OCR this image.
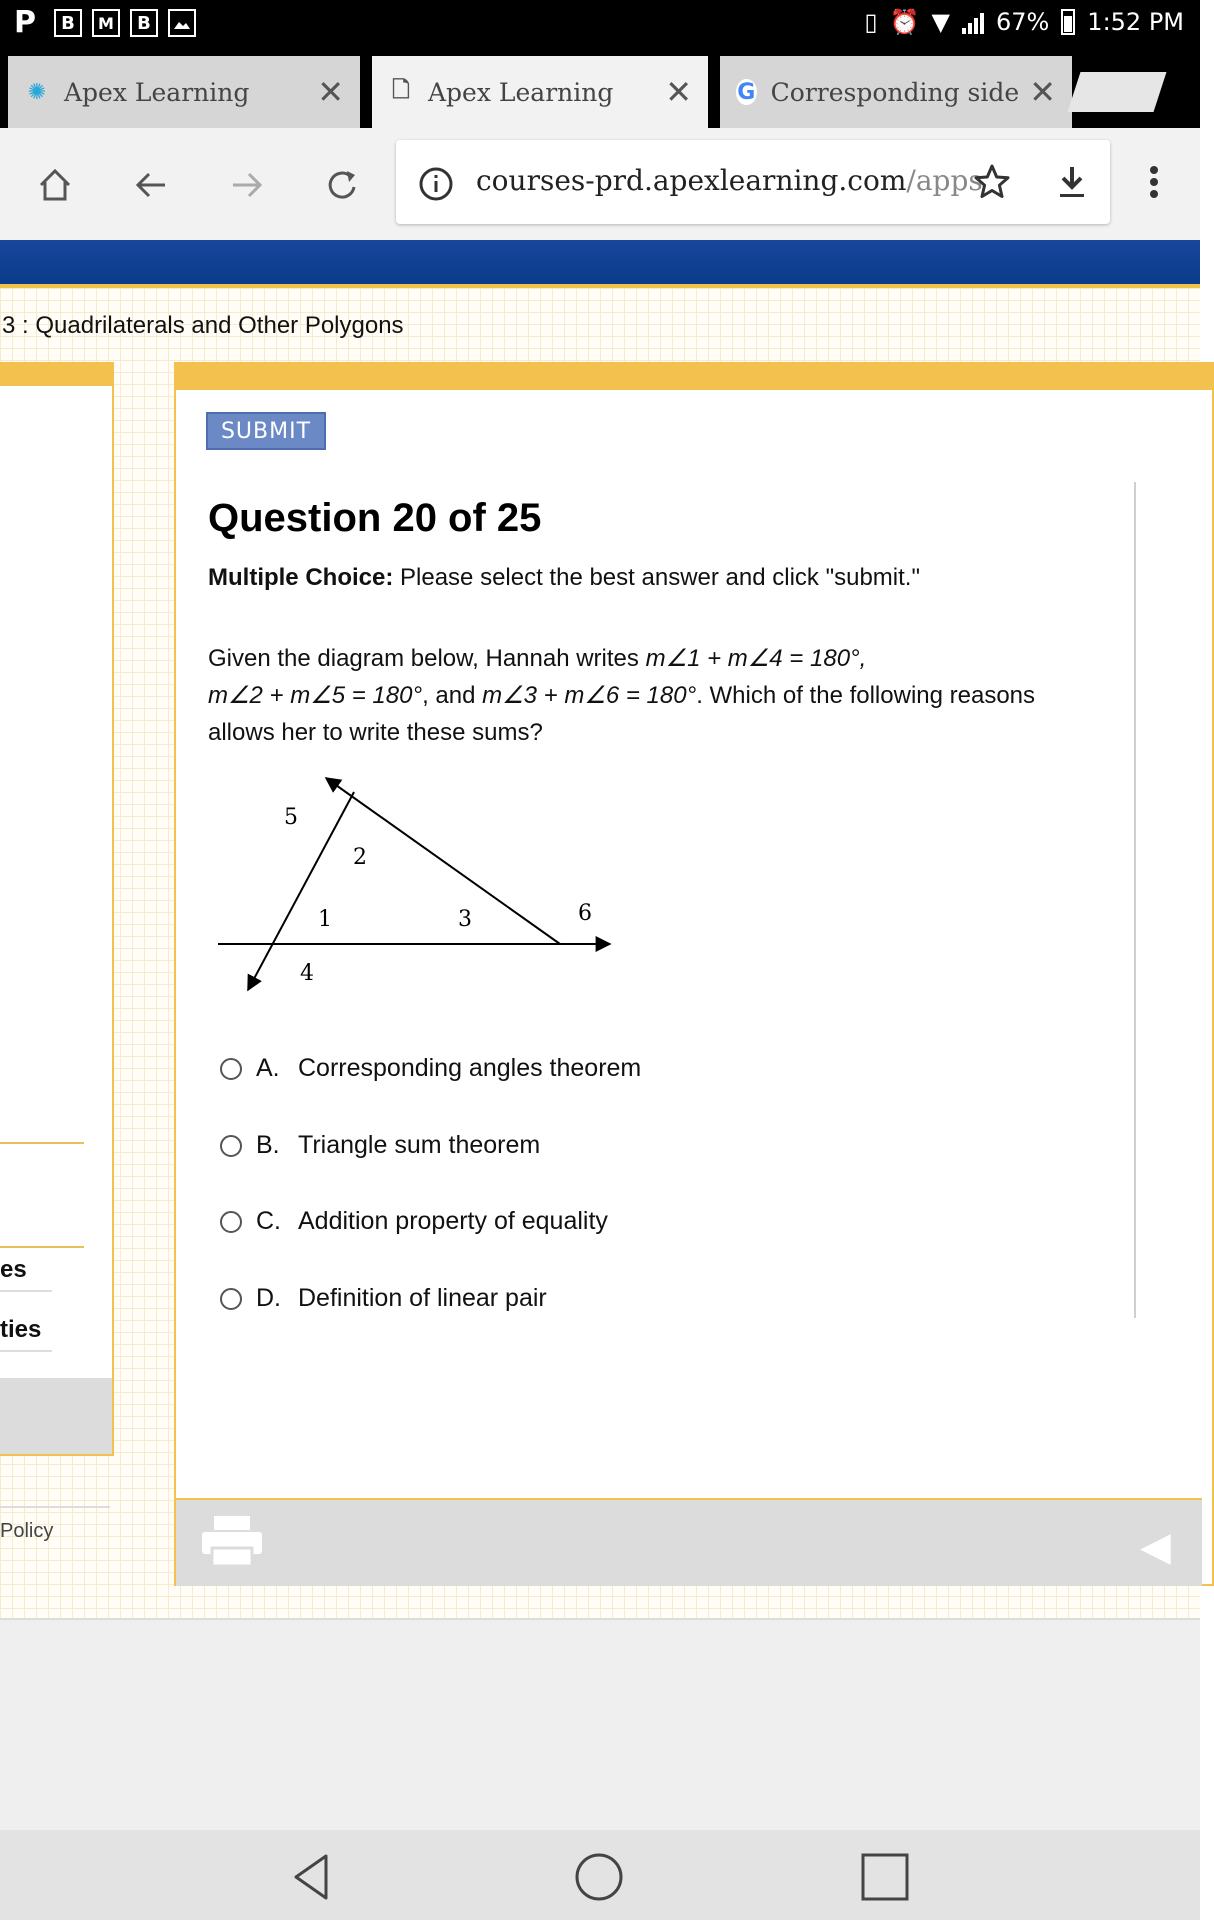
P	B	M	B	▯ ⏰ ▼ 67% 1:52 PM
✺ Apex Learning	✕ 🗋 Apex Learning	✕ G Corresponding side ✕
courses-prd.apexlearning.com/apps
3 : Quadrilaterals and Other Polygons
es
ties
Policy
SUBMIT
Question 20 of 25
Multiple Choice: Please select the best answer and click "submit."
Given the diagram below, Hannah writes m∠1 + m∠4 = 180°,
m∠2 + m∠5 = 180°, and m∠3 + m∠6 = 180°. Which of the following reasons allows her to write these sums?
5
2
1	3	6
4
A. Corresponding angles theorem
B. Triangle sum theorem
C. Addition property of equality
D. Definition of linear pair
◀
